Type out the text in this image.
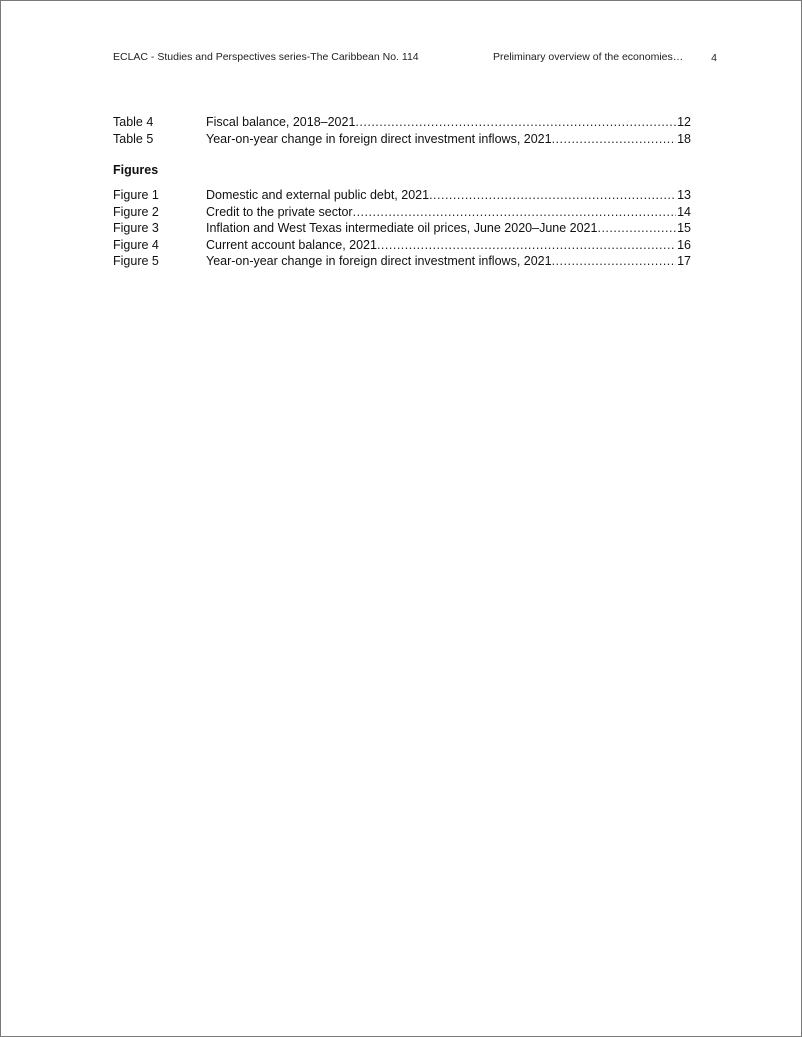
ECLAC - Studies and Perspectives series-The Caribbean No. 114	Preliminary overview of the economies…	4
Table 4	Fiscal balance, 2018–2021 .....	12
Table 5	Year-on-year change in foreign direct investment inflows, 2021 .....	18
Figures
Figure 1	Domestic and external public debt, 2021 .....	13
Figure 2	Credit to the private sector .....	14
Figure 3	Inflation and West Texas intermediate oil prices, June 2020–June 2021 .....	15
Figure 4	Current account balance, 2021 .....	16
Figure 5	Year-on-year change in foreign direct investment inflows, 2021 .....	17
